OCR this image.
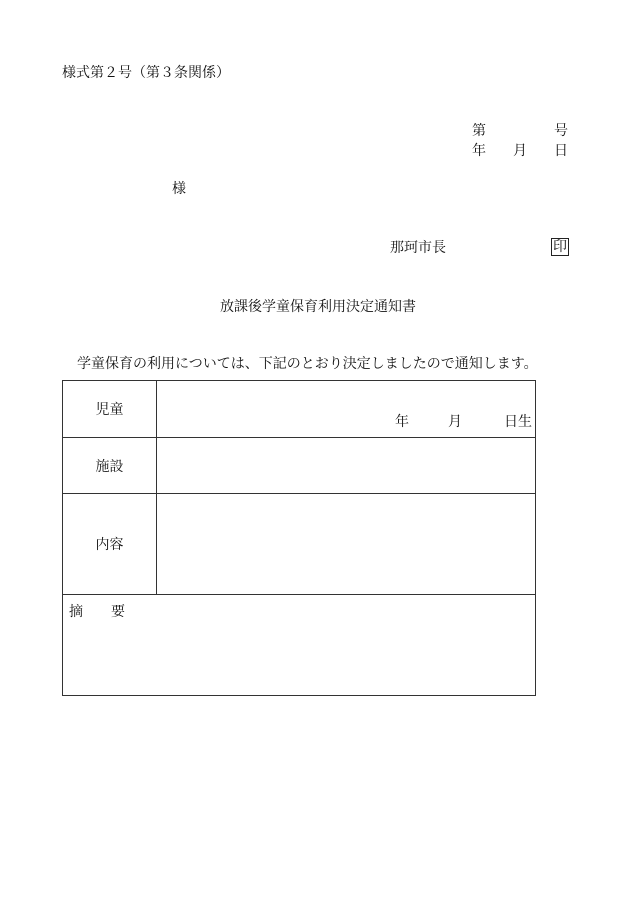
様式第２号（第３条関係）
第	号
年 月 日
様
那珂市長	印
放課後学童保育利用決定通知書
学童保育の利用については、下記のとおり決定しましたので通知します。
児童	年 月 日生

施設	
内容	

摘　　要	
